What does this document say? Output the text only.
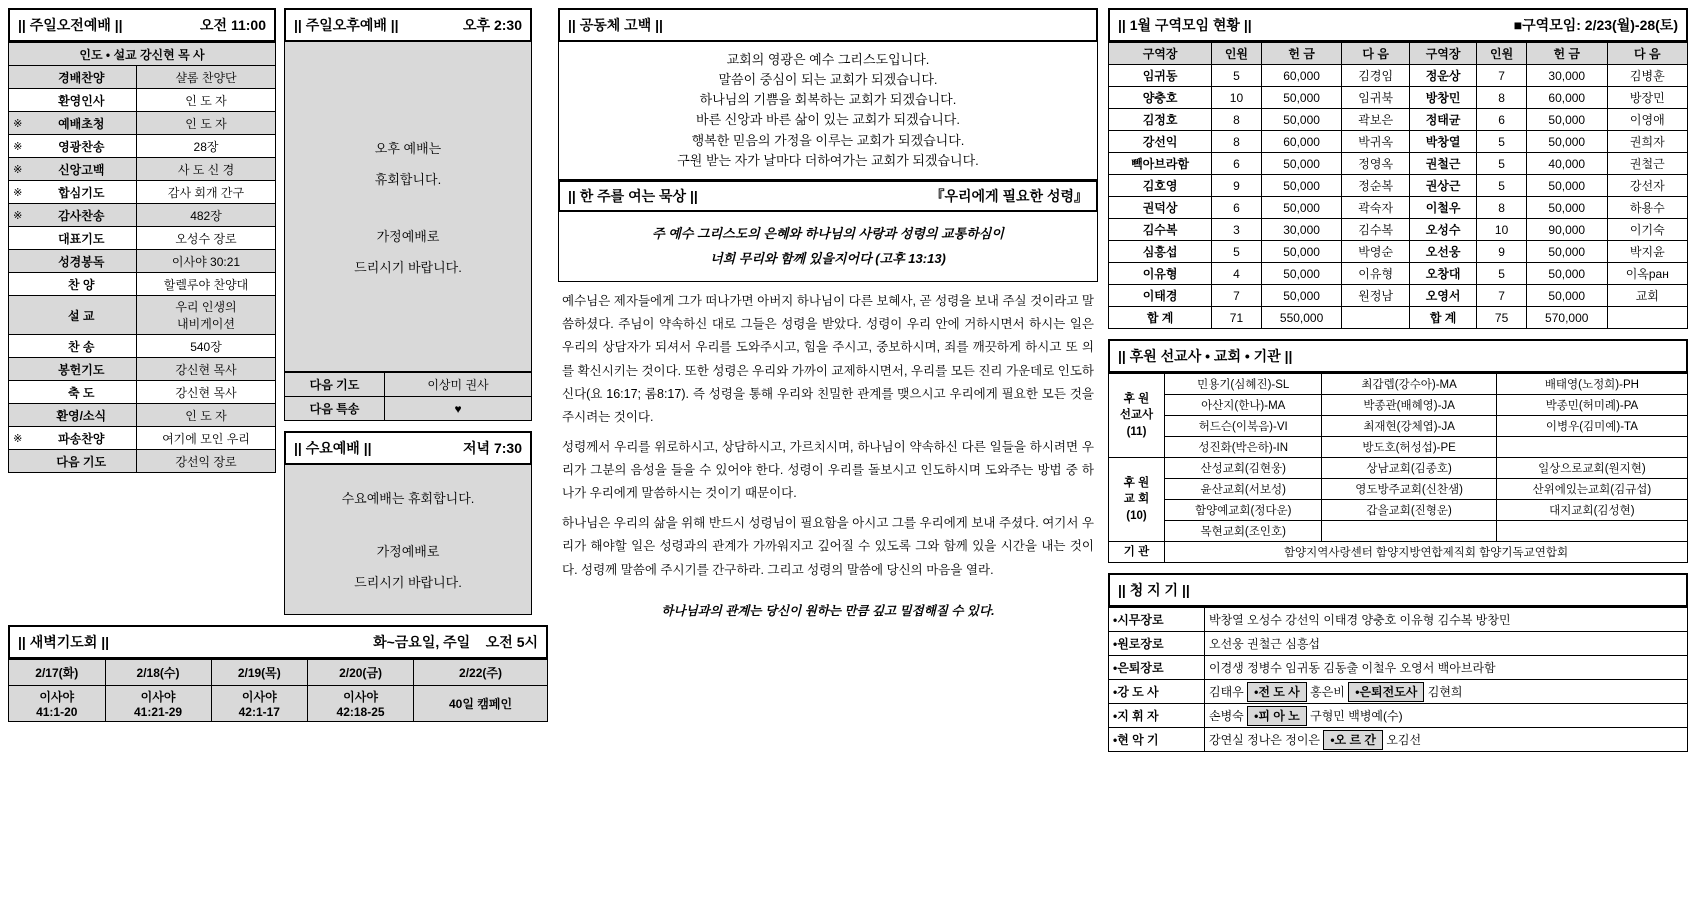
|| 주일오전예배 ||	오전 11:00
인도 • 설교 강신현 목 사		
	경배찬양	샬롬 찬양단
	환영인사	인 도 자
※	예배초청	인 도 자
※	영광찬송	28장
※	신앙고백	사 도 신 경
※	합심기도	감사 회개 간구
※	감사찬송	482장
	대표기도	오성수 장로
	성경봉독	이사야 30:21
	찬 양	할렐루야 찬양대
	설 교	우리 인생의
내비게이션
	찬 송	540장
	봉헌기도	강신현 목사
	축 도	강신현 목사
	환영/소식	인 도 자
※	파송찬양	여기에 모인 우리
	다음 기도	강선익 장로
|| 주일오후예배 ||	오후 2:30
오후 예배는
휴회합니다.
가정예배로
드리시기 바랍니다.
다음 기도	이상미 권사
다음 특송	♥
|| 수요예배 ||	저녁 7:30
수요예배는 휴회합니다.
가정예배로
드리시기 바랍니다.
|| 새벽기도회 ||	화~금요일, 주일 오전 5시
2/17(화)	2/18(수)	2/19(목)	2/20(금)	2/22(주)
이사야
41:1-20	이사야
41:21-29	이사야
42:1-17	이사야
42:18-25	40일 캠페인
|| 공동체 고백 ||
교회의 영광은 예수 그리스도입니다.
말씀이 중심이 되는 교회가 되겠습니다.
하나님의 기쁨을 회복하는 교회가 되겠습니다.
바른 신앙과 바른 삶이 있는 교회가 되겠습니다.
행복한 믿음의 가정을 이루는 교회가 되겠습니다.
구원 받는 자가 날마다 더하여가는 교회가 되겠습니다.
|| 한 주를 여는 묵상 ||	『우리에게 필요한 성령』
주 예수 그리스도의 은혜와 하나님의 사랑과 성령의 교통하심이
너희 무리와 함께 있을지어다 (고후 13:13)

예수님은 제자들에게 그가 떠나가면 아버지 하나님이 다른 보혜사, 곧 성령을 보내 주실 것이라고 말씀하셨다. 주님이 약속하신 대로 그들은 성령을 받았다. 성령이 우리 안에 거하시면서 하시는 일은 우리의 상담자가 되셔서 우리를 도와주시고, 힘을 주시고, 중보하시며, 죄를 깨끗하게 하시고 또 의를 확신시키는 것이다. 또한 성령은 우리와 가까이 교제하시면서, 우리를 모든 진리 가운데로 인도하신다(요 16:17; 롬8:17). 즉 성령을 통해 우리와 친밀한 관계를 맺으시고 우리에게 필요한 모든 것을 주시려는 것이다.

성령께서 우리를 위로하시고, 상담하시고, 가르치시며, 하나님이 약속하신 다른 일들을 하시려면 우리가 그분의 음성을 들을 수 있어야 한다. 성령이 우리를 돌보시고 인도하시며 도와주는 방법 중 하나가 우리에게 말씀하시는 것이기 때문이다.

하나님은 우리의 삶을 위해 반드시 성령님이 필요함을 아시고 그를 우리에게 보내 주셨다. 여기서 우리가 해야할 일은 성령과의 관계가 가까워지고 깊어질 수 있도록 그와 함께 있을 시간을 내는 것이다. 성령께 말씀에 주시기를 간구하라. 그리고 성령의 말씀에 당신의 마음을 열라.

하나님과의 관계는 당신이 원하는 만큼 깊고 밀접해질 수 있다.
|| 1월 구역모임 현황 ||	■구역모임: 2/23(월)-28(토)
구역장	인원	헌 금	다 음	구역장	인원	헌 금	다 음
임귀동	5	60,000	김경임	정운상	7	30,000	김병훈
양충호	10	50,000	임귀북	방창민	8	60,000	방장민
김정호	8	50,000	곽보은	정태균	6	50,000	이영애
강선익	8	60,000	박귀옥	박창열	5	50,000	권희자
빽아브라함	6	50,000	정영옥	권철근	5	40,000	권철근
김호영	9	50,000	정순복	권상근	5	50,000	강선자
권덕상	6	50,000	곽숙자	이철우	8	50,000	하용수
김수복	3	30,000	김수복	오성수	10	90,000	이기숙
심흥섭	5	50,000	박영순	오선웅	9	50,000	박지윤
이유형	4	50,000	이유형	오창대	5	50,000	이옥ран
이태경	7	50,000	원정남	오영서	7	50,000	교회
합 계	71	550,000		합 계	75	570,000	
|| 후원 선교사 • 교회 • 기관 ||
후 원
선교사
(11)	민용기(심혜진)-SL	최갑렙(강수아)-MA	배태영(노정희)-PH
	아산지(한나)-MA	박종관(배혜영)-JA	박종민(허미례)-PA
	허드슨(이북음)-VI	최재현(강체엽)-JA	이병우(김미예)-TA
	성진화(박은하)-IN	방도호(허성섭)-PE	
후 원
교 회
(10)	산성교회(김현웅)	상남교회(김종호)	일상으로교회(원지현)
	윤산교회(서보성)	영도방주교회(신찬샘)	산위에있는교회(김규섭)
	함양예교회(정다운)	갑을교회(진형운)	대지교회(김성현)
	목현교회(조인호)		
기 관	함양지역사랑센터 함양지방연합제직회 함양기독교연합회		
|| 청 지 기 ||
•시무장로	박창열 오성수 강선익 이태경 양충호 이유형 김수복 방창민
•원로장로	오선웅 권철근 심흥섭
•은퇴장로	이경생 정병수 임귀동 김동출 이철우 오영서 백아브라함
•강 도 사	김태우 •전 도 사 홍은비 •은퇴전도사 김현희
•지 휘 자	손병숙 •피 아 노 구형민 백병예(수)
•현 악 기	강연실 정나은 정이은 •오 르 간 오김선
